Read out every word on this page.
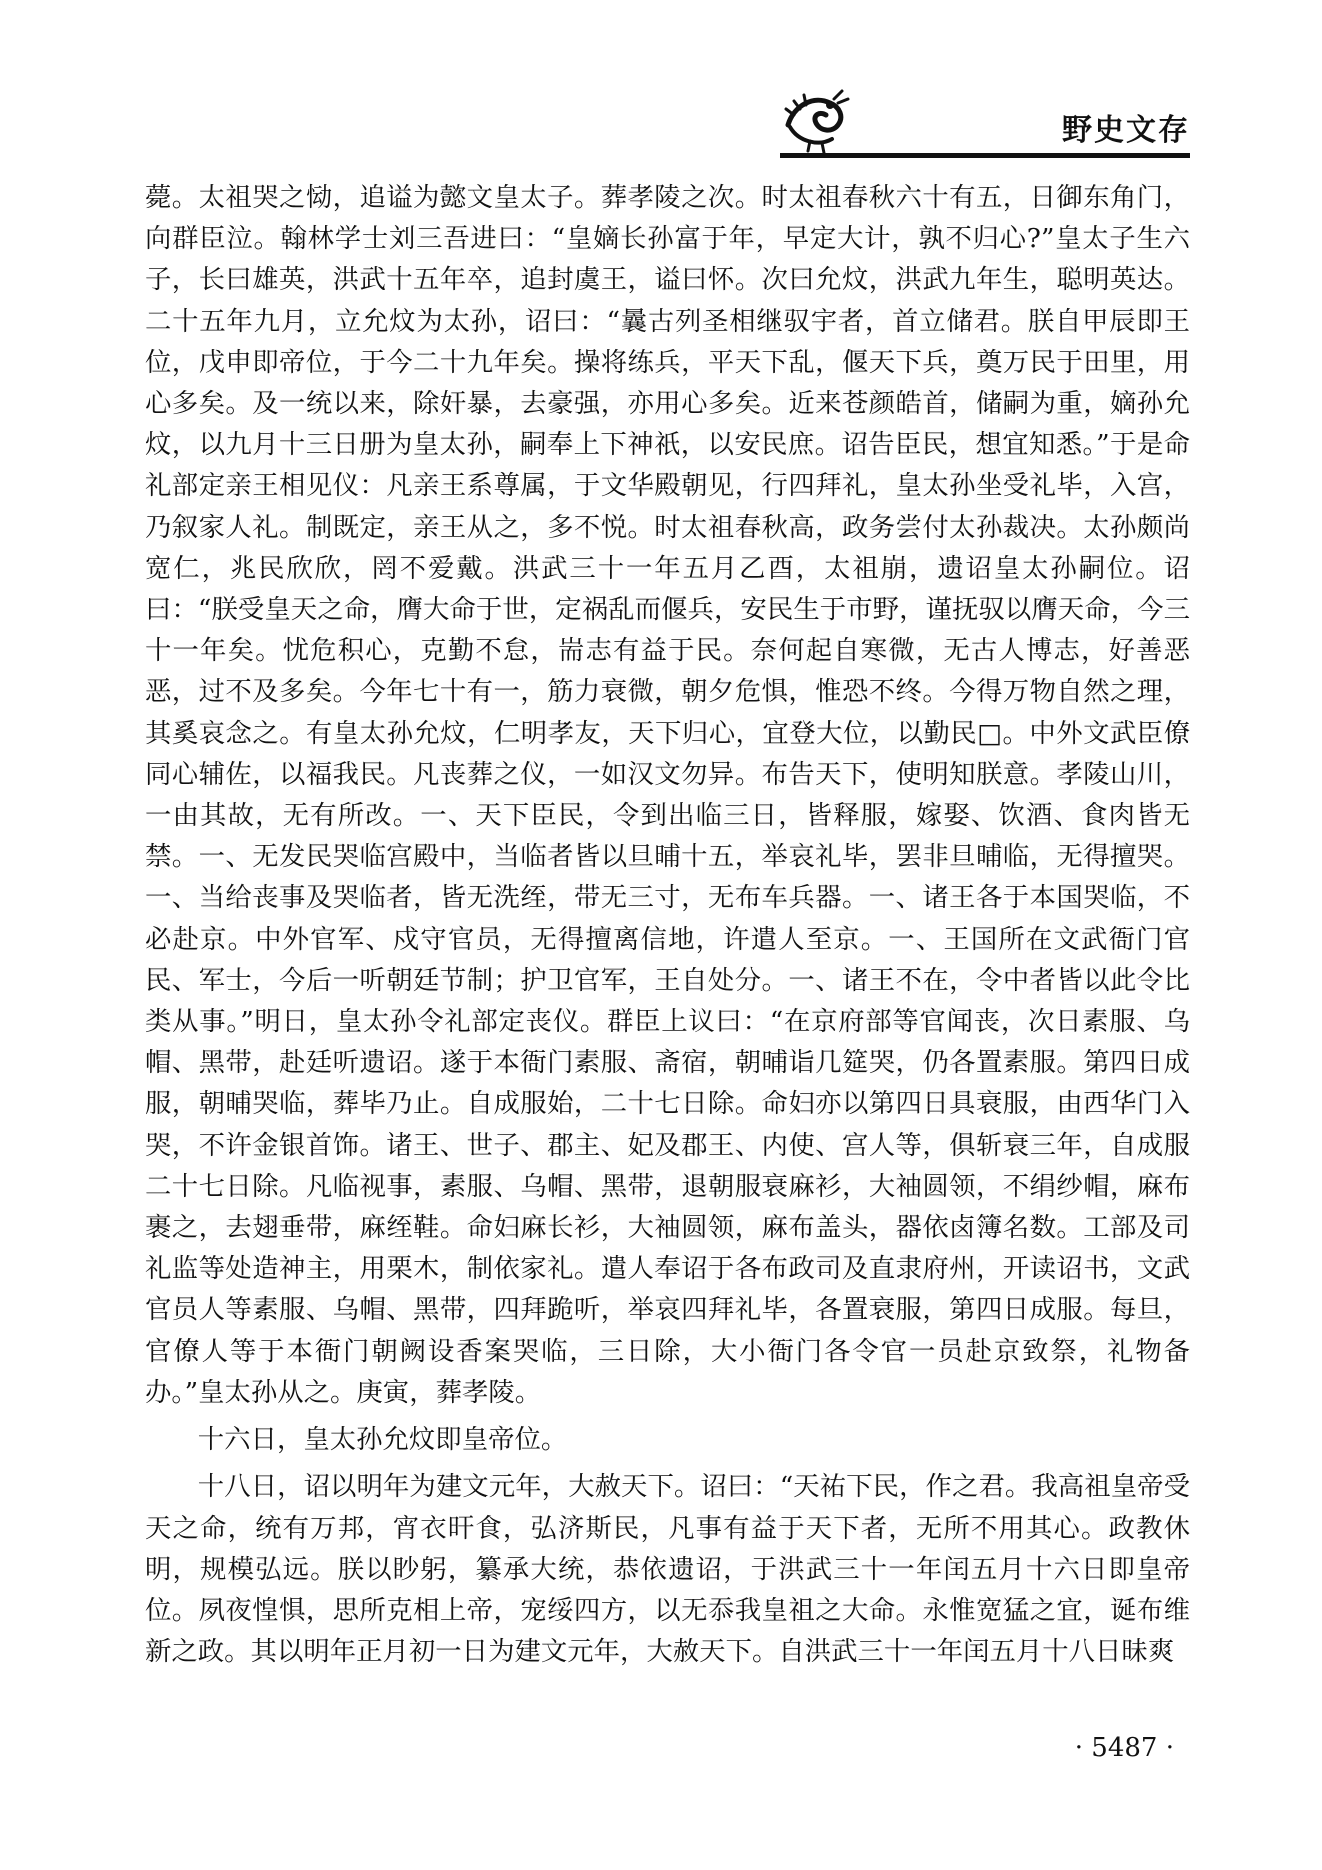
野史文存

薨。太祖哭之恸，追谥为懿文皇太子。葬孝陵之次。时太祖春秋六十有五，日御东角门，向群臣泣。翰林学士刘三吾进曰：“皇嫡长孙富于年，早定大计，孰不归心?”皇太子生六子，长曰雄英，洪武十五年卒，追封虞王，谥曰怀。次曰允炆，洪武九年生，聪明英达。二十五年九月，立允炆为太孙，诏曰：“曩古列圣相继驭宇者，首立储君。朕自甲辰即王位，戊申即帝位，于今二十九年矣。操将练兵，平天下乱，偃天下兵，奠万民于田里，用心多矣。及一统以来，除奸暴，去豪强，亦用心多矣。近来苍颜皓首，储嗣为重，嫡孙允炆，以九月十三日册为皇太孙，嗣奉上下神祇，以安民庶。诏告臣民，想宜知悉。”于是命礼部定亲王相见仪：凡亲王系尊属，于文华殿朝见，行四拜礼，皇太孙坐受礼毕，入宫，乃叙家人礼。制既定，亲王从之，多不悦。时太祖春秋高，政务尝付太孙裁决。太孙颇尚宽仁，兆民欣欣，罔不爱戴。洪武三十一年五月乙酉，太祖崩，遗诏皇太孙嗣位。诏曰：“朕受皇天之命，膺大命于世，定祸乱而偃兵，安民生于市野，谨抚驭以膺天命，今三十一年矣。忧危积心，克勤不怠，耑志有益于民。奈何起自寒微，无古人博志，好善恶恶，过不及多矣。今年七十有一，筋力衰微，朝夕危惧，惟恐不终。今得万物自然之理，其奚哀念之。有皇太孙允炆，仁明孝友，天下归心，宜登大位，以勤民□。中外文武臣僚同心辅佐，以福我民。凡丧葬之仪，一如汉文勿异。布告天下，使明知朕意。孝陵山川，一由其故，无有所改。一、天下臣民，令到出临三日，皆释服，嫁娶、饮酒、食肉皆无禁。一、无发民哭临宫殿中，当临者皆以旦晡十五，举哀礼毕，罢非旦晡临，无得擅哭。一、当给丧事及哭临者，皆无洗绖，带无三寸，无布车兵器。一、诸王各于本国哭临，不必赴京。中外官军、戍守官员，无得擅离信地，许遣人至京。一、王国所在文武衙门官民、军士，今后一听朝廷节制；护卫官军，王自处分。一、诸王不在，令中者皆以此令比类从事。”明日，皇太孙令礼部定丧仪。群臣上议曰：“在京府部等官闻丧，次日素服、乌帽、黑带，赴廷听遗诏。遂于本衙门素服、斋宿，朝晡诣几筵哭，仍各置素服。第四日成服，朝晡哭临，葬毕乃止。自成服始，二十七日除。命妇亦以第四日具衰服，由西华门入哭，不许金银首饰。诸王、世子、郡主、妃及郡王、内使、宫人等，俱斩衰三年，自成服二十七日除。凡临视事，素服、乌帽、黑带，退朝服衰麻衫，大袖圆领，不绢纱帽，麻布裹之，去翅垂带，麻绖鞋。命妇麻长衫，大袖圆领，麻布盖头，器依卤簿名数。工部及司礼监等处造神主，用栗木，制依家礼。遣人奉诏于各布政司及直隶府州，开读诏书，文武官员人等素服、乌帽、黑带，四拜跪听，举哀四拜礼毕，各置衰服，第四日成服。每旦，官僚人等于本衙门朝阙设香案哭临，三日除，大小衙门各令官一员赴京致祭，礼物备办。”皇太孙从之。庚寅，葬孝陵。

十六日，皇太孙允炆即皇帝位。

十八日，诏以明年为建文元年，大赦天下。诏曰：“天祐下民，作之君。我高祖皇帝受天之命，统有万邦，宵衣旰食，弘济斯民，凡事有益于天下者，无所不用其心。政教休明，规模弘远。朕以眇躬，纂承大统，恭依遗诏，于洪武三十一年闰五月十六日即皇帝位。夙夜惶惧，思所克相上帝，宠绥四方，以无忝我皇祖之大命。永惟宽猛之宜，诞布维新之政。其以明年正月初一日为建文元年，大赦天下。自洪武三十一年闰五月十八日昧爽

· 5487 ·
